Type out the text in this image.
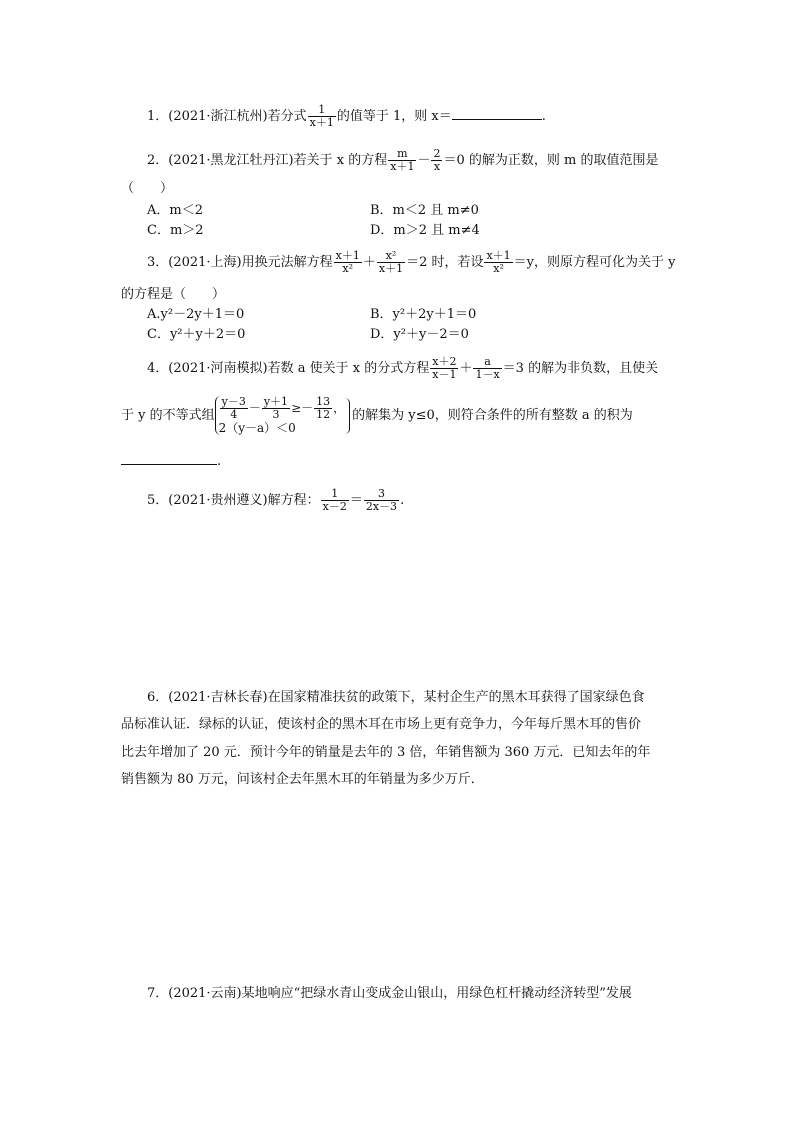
1．(2021·浙江杭州)若分式 $\frac{1}{x+1}$ 的值等于 1，则 x＝	.
2．(2021·黑龙江牡丹江)若关于 x 的方程 $\frac{m}{x+1} - \frac{2}{x} =0$ 的解为正数，则 m 的取值范围是
（　　）
A．m＜2	B．m＜2 且 m≠0
C．m＞2	D．m＞2 且 m≠4
3．(2021·上海)用换元法解方程 $\frac{x+1}{\text{x²}} + \frac{\text{x²}}{x+1} =2$ 时，若设 $\frac{x+1}{\text{x²}} =y$，则原方程可化为关于 y
的方程是（　　）
A.y²－2y＋1＝0	B．y²＋2y＋1＝0
C．y²＋y＋2＝0	D．y²＋y－2＝0
4．(2021·河南模拟)若数 a 使关于 x 的分式方程 $\frac{x+2}{x-1} + \frac{a}{1-x} =3$ 的解为非负数，且使关
于 y 的不等式组 $\frac{y-3}{4} - \frac{y+1}{3} \ge- \frac{13}{12}$ ，
2（y－a）＜0
的解集为 y≤0，则符合条件的所有整数 a 的积为
.
5．(2021·贵州遵义)解方程： $\frac{1}{x-2} = \frac{3}{2x-3}$ .
6．(2021·吉林长春)在国家精准扶贫的政策下，某村企生产的黑木耳获得了国家绿色食
品标准认证．绿标的认证，使该村企的黑木耳在市场上更有竞争力，今年每斤黑木耳的售价
比去年增加了 20 元．预计今年的销量是去年的 3 倍，年销售额为 360 万元．已知去年的年
销售额为 80 万元，问该村企去年黑木耳的年销量为多少万斤．
7．(2021·云南)某地响应“把绿水青山变成金山银山，用绿色杠杆撬动经济转型”发展
